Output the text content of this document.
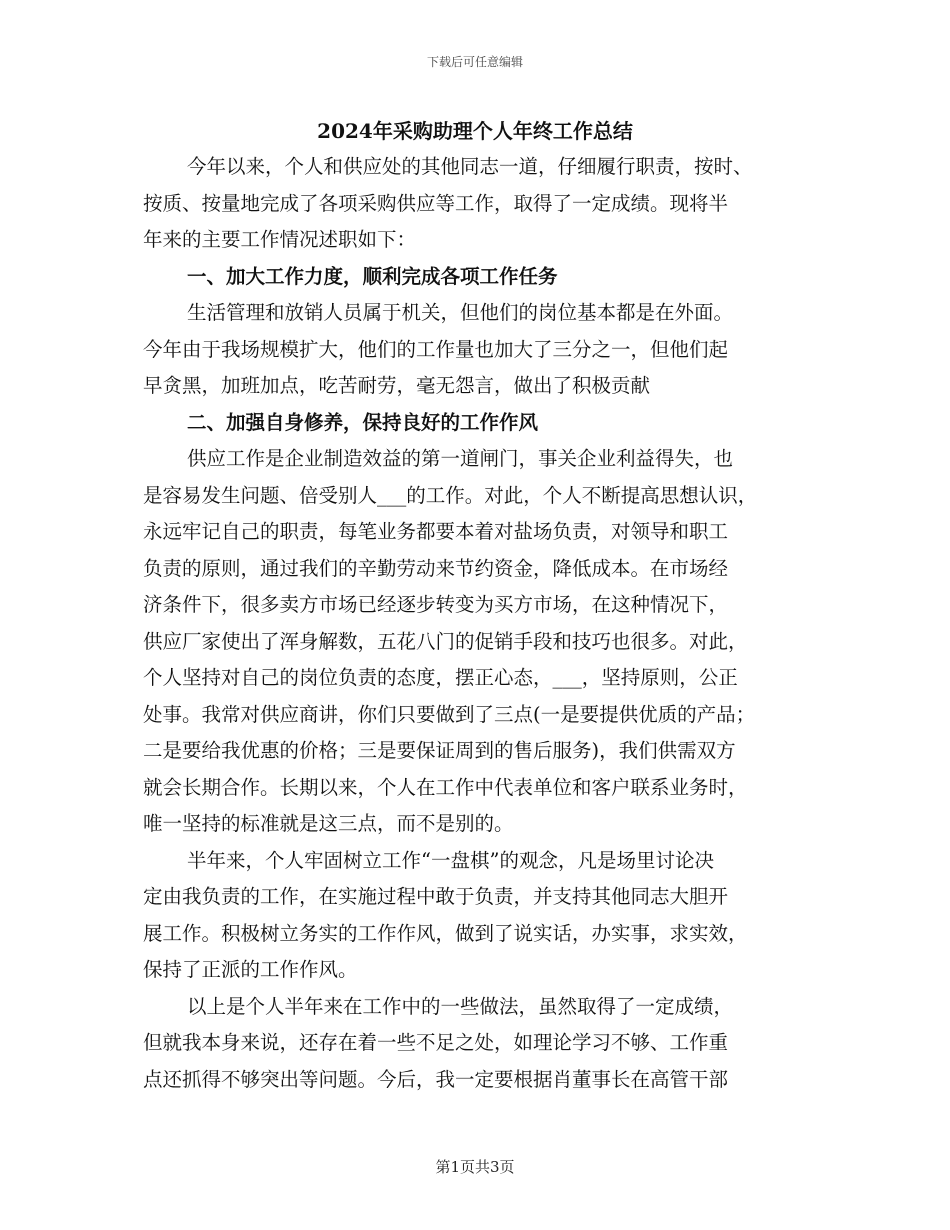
下载后可任意编辑
2024年采购助理个人年终工作总结
今年以来，个人和供应处的其他同志一道，仔细履行职责，按时、
按质、按量地完成了各项采购供应等工作，取得了一定成绩。现将半
年来的主要工作情况述职如下：
一、加大工作力度，顺利完成各项工作任务
生活管理和放销人员属于机关，但他们的岗位基本都是在外面。
今年由于我场规模扩大，他们的工作量也加大了三分之一，但他们起
早贪黑，加班加点，吃苦耐劳，毫无怨言，做出了积极贡献
二、加强自身修养，保持良好的工作作风
供应工作是企业制造效益的第一道闸门，事关企业利益得失，也
是容易发生问题、倍受别人___的工作。对此，个人不断提高思想认识，
永远牢记自己的职责，每笔业务都要本着对盐场负责，对领导和职工
负责的原则，通过我们的辛勤劳动来节约资金，降低成本。在市场经
济条件下，很多卖方市场已经逐步转变为买方市场，在这种情况下，
供应厂家使出了浑身解数，五花八门的促销手段和技巧也很多。对此，
个人坚持对自己的岗位负责的态度，摆正心态，___，坚持原则，公正
处事。我常对供应商讲，你们只要做到了三点(一是要提供优质的产品；
二是要给我优惠的价格；三是要保证周到的售后服务)，我们供需双方
就会长期合作。长期以来，个人在工作中代表单位和客户联系业务时，
唯一坚持的标准就是这三点，而不是别的。
半年来，个人牢固树立工作“一盘棋”的观念，凡是场里讨论决
定由我负责的工作，在实施过程中敢于负责，并支持其他同志大胆开
展工作。积极树立务实的工作作风，做到了说实话，办实事，求实效，
保持了正派的工作作风。
以上是个人半年来在工作中的一些做法，虽然取得了一定成绩，
但就我本身来说，还存在着一些不足之处，如理论学习不够、工作重
点还抓得不够突出等问题。今后，我一定要根据肖董事长在高管干部
第1页共3页
